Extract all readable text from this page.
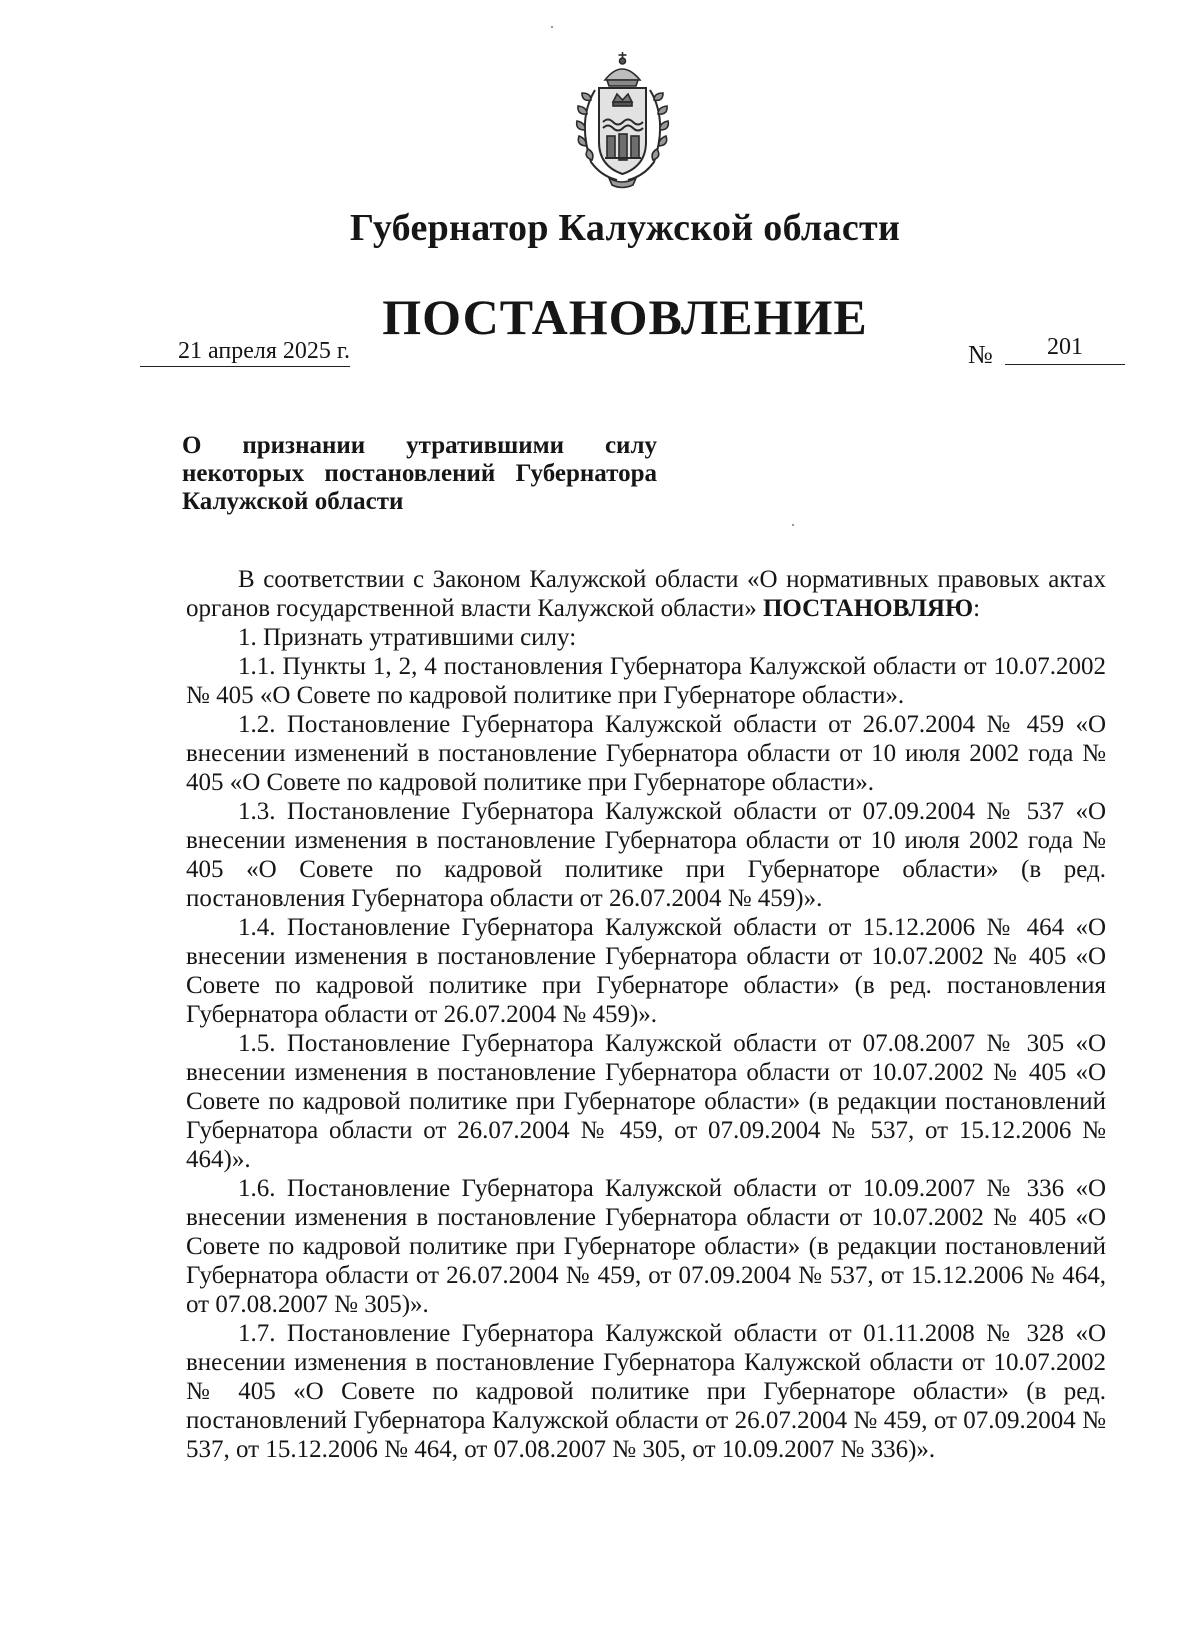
Губернатор Калужской области
ПОСТАНОВЛЕНИЕ
21 апреля 2025 г.	№	201
О признании утратившими силу
некоторых постановлений Губернатора
Калужской области

В соответствии с Законом Калужской области «О нормативных правовых актах органов государственной власти Калужской области» ПОСТАНОВЛЯЮ:

1. Признать утратившими силу:

1.1. Пункты 1, 2, 4 постановления Губернатора Калужской области от 10.07.2002 № 405 «О Совете по кадровой политике при Губернаторе области».

1.2. Постановление Губернатора Калужской области от 26.07.2004 № 459 «О внесении изменений в постановление Губернатора области от 10 июля 2002 года № 405 «О Совете по кадровой политике при Губернаторе области».

1.3. Постановление Губернатора Калужской области от 07.09.2004 № 537 «О внесении изменения в постановление Губернатора области от 10 июля 2002 года № 405 «О Совете по кадровой политике при Губернаторе области» (в ред. постановления Губернатора области от 26.07.2004 № 459)».

1.4. Постановление Губернатора Калужской области от 15.12.2006 № 464 «О внесении изменения в постановление Губернатора области от 10.07.2002 № 405 «О Совете по кадровой политике при Губернаторе области» (в ред. постановления Губернатора области от 26.07.2004 № 459)».

1.5. Постановление Губернатора Калужской области от 07.08.2007 № 305 «О внесении изменения в постановление Губернатора области от 10.07.2002 № 405 «О Совете по кадровой политике при Губернаторе области» (в редакции постановлений Губернатора области от 26.07.2004 № 459, от 07.09.2004 № 537, от 15.12.2006 № 464)».

1.6. Постановление Губернатора Калужской области от 10.09.2007 № 336 «О внесении изменения в постановление Губернатора области от 10.07.2002 № 405 «О Совете по кадровой политике при Губернаторе области» (в редакции постановлений Губернатора области от 26.07.2004 № 459, от 07.09.2004 № 537, от 15.12.2006 № 464, от 07.08.2007 № 305)».

1.7. Постановление Губернатора Калужской области от 01.11.2008 № 328 «О внесении изменения в постановление Губернатора Калужской области от 10.07.2002 № 405 «О Совете по кадровой политике при Губернаторе области» (в ред. постановлений Губернатора Калужской области от 26.07.2004 № 459, от 07.09.2004 № 537, от 15.12.2006 № 464, от 07.08.2007 № 305, от 10.09.2007 № 336)».
